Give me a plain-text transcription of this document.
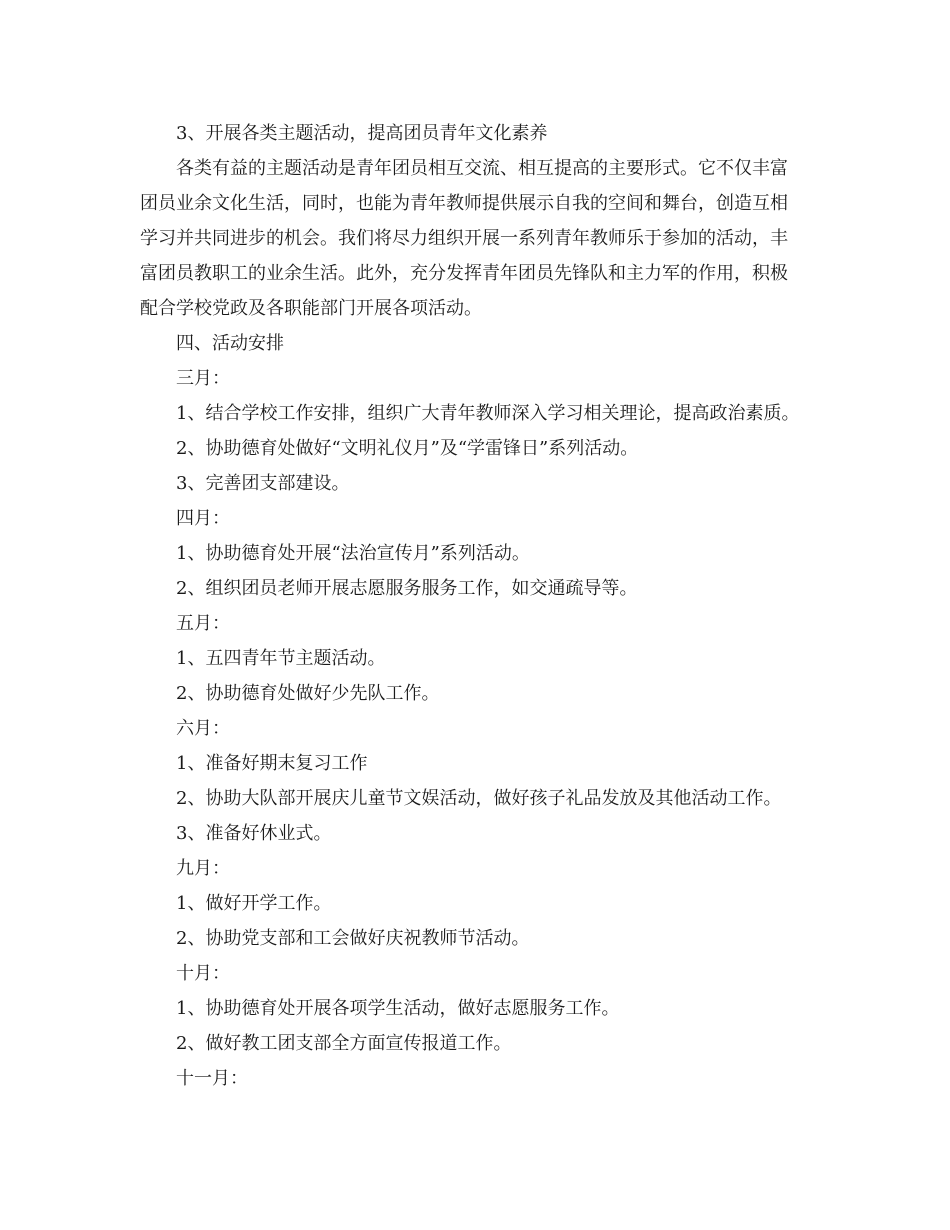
3、开展各类主题活动，提高团员青年文化素养
各类有益的主题活动是青年团员相互交流、相互提高的主要形式。它不仅丰富
团员业余文化生活，同时，也能为青年教师提供展示自我的空间和舞台，创造互相
学习并共同进步的机会。我们将尽力组织开展一系列青年教师乐于参加的活动，丰
富团员教职工的业余生活。此外，充分发挥青年团员先锋队和主力军的作用，积极
配合学校党政及各职能部门开展各项活动。
四、活动安排
三月：
1、结合学校工作安排，组织广大青年教师深入学习相关理论，提高政治素质。
2、协助德育处做好“文明礼仪月”及“学雷锋日”系列活动。
3、完善团支部建设。
四月：
1、协助德育处开展“法治宣传月”系列活动。
2、组织团员老师开展志愿服务服务工作，如交通疏导等。
五月：
1、五四青年节主题活动。
2、协助德育处做好少先队工作。
六月：
1、准备好期末复习工作
2、协助大队部开展庆儿童节文娱活动，做好孩子礼品发放及其他活动工作。
3、准备好休业式。
九月：
1、做好开学工作。
2、协助党支部和工会做好庆祝教师节活动。
十月：
1、协助德育处开展各项学生活动，做好志愿服务工作。
2、做好教工团支部全方面宣传报道工作。
十一月：
